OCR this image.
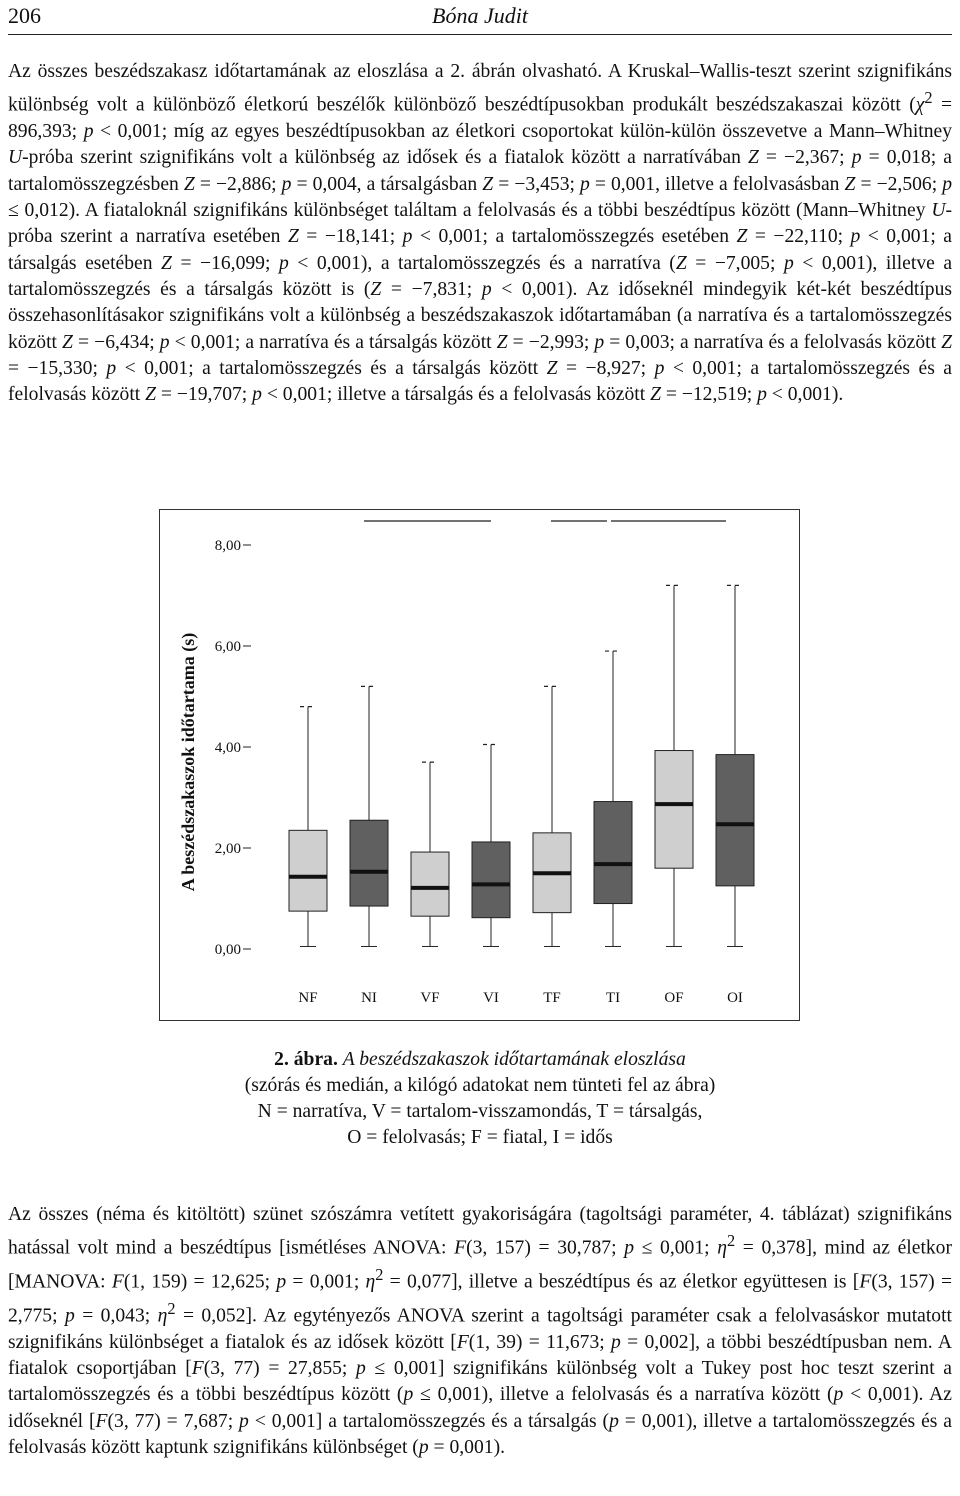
206	Bóna Judit

Az összes beszédszakasz időtartamának az eloszlása a 2. ábrán olvasható. A Kruskal–Wallis-teszt szerint szignifikáns különbség volt a különböző életkorú beszélők különböző beszédtípusokban produkált beszédszakaszai között ($\chi^2 = 896,393$; p < 0,001; míg az egyes beszédtípusokban az életkori csoportokat külön-külön összevetve a Mann–Whitney U-próba szerint szignifikáns volt a különbség az idősek és a fiatalok között a narratívában Z = −2,367; p = 0,018; a tartalomösszegzésben Z = −2,886; p = 0,004, a társalgásban Z = −3,453; p = 0,001, illetve a felolvasásban Z = −2,506; p ≤ 0,012). A fiataloknál szignifikáns különbséget találtam a felolvasás és a többi beszédtípus között (Mann–Whitney U-próba szerint a narratíva esetében Z = −18,141; p < 0,001; a tartalomösszegzés esetében Z = −22,110; p < 0,001; a társalgás esetében Z = −16,099; p < 0,001), a tartalomösszegzés és a narratíva (Z = −7,005; p < 0,001), illetve a tartalomösszegzés és a társalgás között is (Z = −7,831; p < 0,001). Az időseknél mindegyik két-két beszédtípus összehasonlításakor szignifikáns volt a különbség a beszédszakaszok időtartamában (a narratíva és a tartalomösszegzés között Z = −6,434; p < 0,001; a narratíva és a társalgás között Z = −2,993; p = 0,003; a narratíva és a felolvasás között Z = −15,330; p < 0,001; a tartalomösszegzés és a társalgás között Z = −8,927; p < 0,001; a tartalomösszegzés és a felolvasás között Z = −19,707; p < 0,001; illetve a társalgás és a felolvasás között Z = −12,519; p < 0,001).

8,00
6,00
4,00
2,00
0,00
A beszédszakaszok időtartama (s)
NF	NI	VF	VI	TF	TI	OF	OI
2. ábra. A beszédszakaszok időtartamának eloszlása
(szórás és medián, a kilógó adatokat nem tünteti fel az ábra)
N = narratíva, V = tartalom-visszamondás, T = társalgás,
O = felolvasás; F = fiatal, I = idős

Az összes (néma és kitöltött) szünet szószámra vetített gyakoriságára (tagoltsági paraméter, 4. táblázat) szignifikáns hatással volt mind a beszédtípus [ismétléses ANOVA: F(3, 157) = 30,787; p ≤ 0,001; $\eta^2 = 0,378$], mind az életkor [MANOVA: F(1, 159) = 12,625; p = 0,001; $\eta^2 = 0,077$], illetve a beszédtípus és az életkor együttesen is [F(3, 157) = 2,775; p = 0,043; $\eta^2 = 0,052$]. Az egytényezős ANOVA szerint a tagoltsági paraméter csak a felolvasáskor mutatott szignifikáns különbséget a fiatalok és az idősek között [F(1, 39) = 11,673; p = 0,002], a többi beszédtípusban nem. A fiatalok csoportjában [F(3, 77) = 27,855; p ≤ 0,001] szignifikáns különbség volt a Tukey post hoc teszt szerint a tartalomösszegzés és a többi beszédtípus között (p ≤ 0,001), illetve a felolvasás és a narratíva között (p < 0,001). Az időseknél [F(3, 77) = 7,687; p < 0,001] a tartalomösszegzés és a társalgás (p = 0,001), illetve a tartalomösszegzés és a felolvasás között kaptunk szignifikáns különbséget (p = 0,001).
